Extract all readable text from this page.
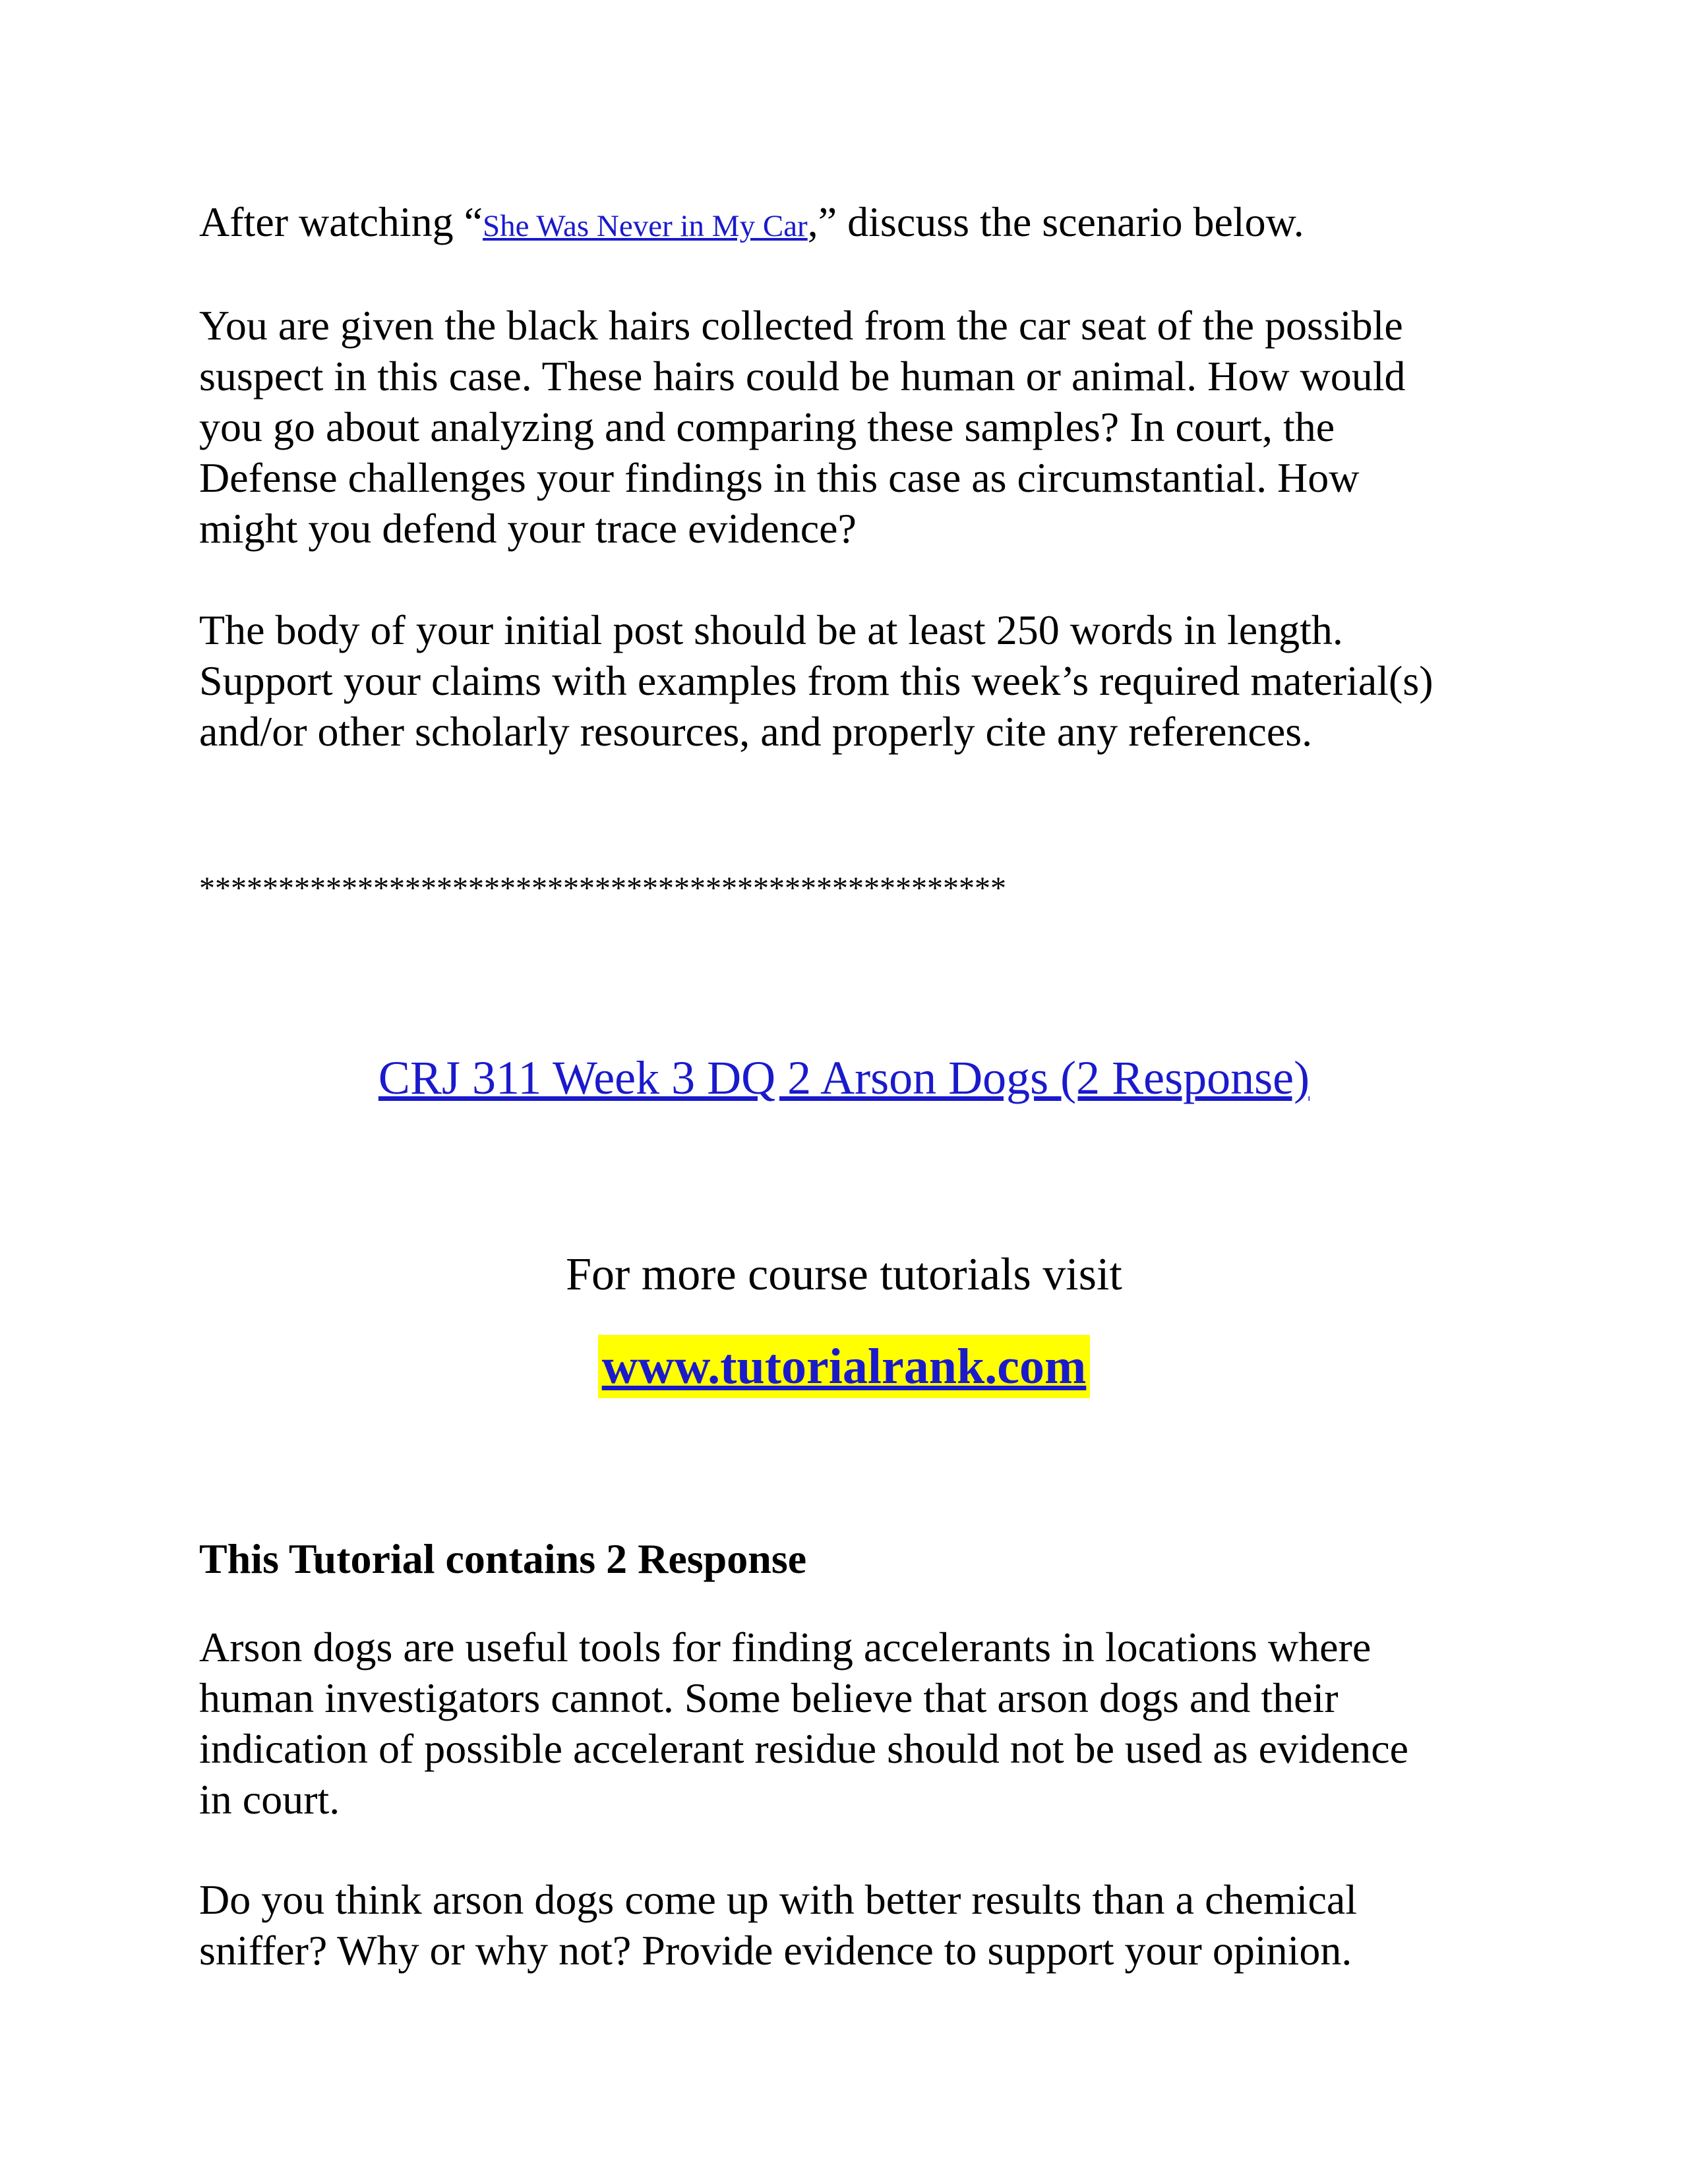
After watching “She Was Never in My Car,” discuss the scenario below.

You are given the black hairs collected from the car seat of the possible
suspect in this case. These hairs could be human or animal. How would
you go about analyzing and comparing these samples? In court, the
Defense challenges your findings in this case as circumstantial. How
might you defend your trace evidence?

The body of your initial post should be at least 250 words in length.
Support your claims with examples from this week’s required material(s)
and/or other scholarly resources, and properly cite any references.

***************************************************
CRJ 311 Week 3 DQ 2 Arson Dogs (2 Response)
For more course tutorials visit
www.tutorialrank.com

This Tutorial contains 2 Response

Arson dogs are useful tools for finding accelerants in locations where
human investigators cannot. Some believe that arson dogs and their
indication of possible accelerant residue should not be used as evidence
in court.

Do you think arson dogs come up with better results than a chemical
sniffer? Why or why not? Provide evidence to support your opinion.
